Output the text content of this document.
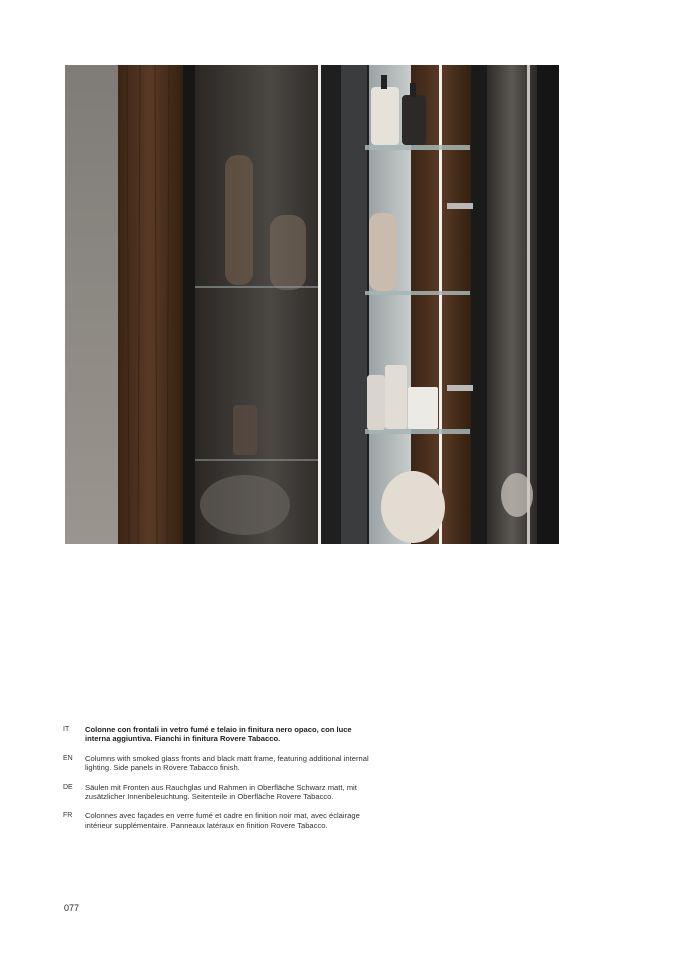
IT	Colonne con frontali in vetro fumé e telaio in finitura nero opaco, con luce interna aggiuntiva. Fianchi in finitura Rovere Tabacco.
EN	Columns with smoked glass fronts and black matt frame, featuring additional internal lighting. Side panels in Rovere Tabacco finish.
DE	Säulen mit Fronten aus Rauchglas und Rahmen in Oberfläche Schwarz matt, mit zusätzlicher Innenbeleuchtung. Seitenteile in Oberfläche Rovere Tabacco.
FR	Colonnes avec façades en verre fumé et cadre en finition noir mat, avec éclairage intérieur supplémentaire. Panneaux latéraux en finition Rovere Tabacco.
077
